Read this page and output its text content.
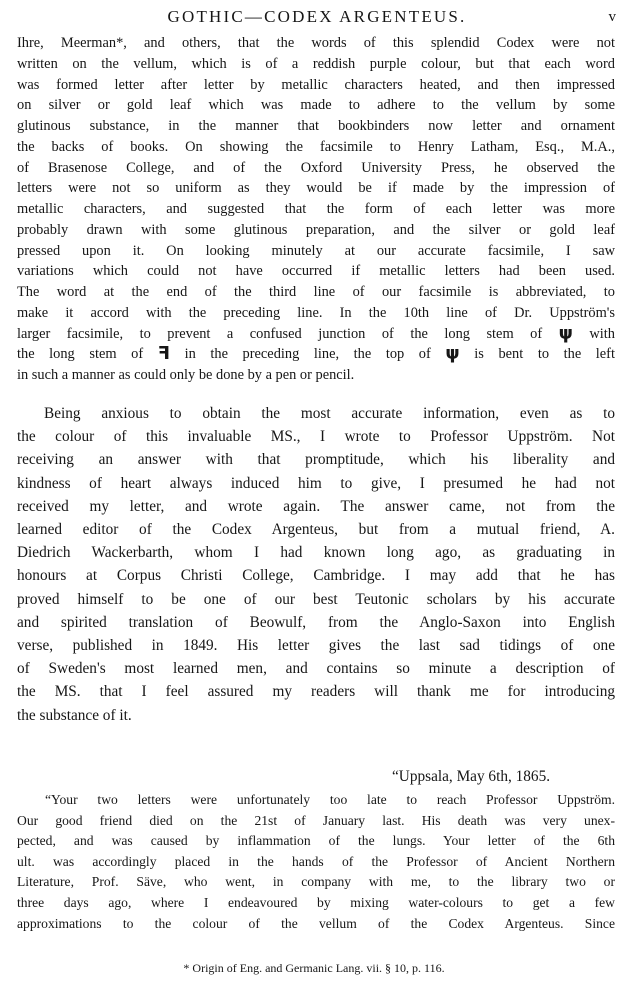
GOTHIC—CODEX ARGENTEUS.	v
Ihre, Meerman*, and others, that the words of this splendid Codex were not
written on the vellum, which is of a reddish purple colour, but that each word
was formed letter after letter by metallic characters heated, and then impressed
on silver or gold leaf which was made to adhere to the vellum by some
glutinous substance, in the manner that bookbinders now letter and ornament
the backs of books. On showing the facsimile to Henry Latham, Esq., M.A.,
of Brasenose College, and of the Oxford University Press, he observed the
letters were not so uniform as they would be if made by the impression of
metallic characters, and suggested that the form of each letter was more
probably drawn with some glutinous preparation, and the silver or gold leaf
pressed upon it. On looking minutely at our accurate facsimile, I saw
variations which could not have occurred if metallic letters had been used.
The word at the end of the third line of our facsimile is abbreviated, to
make it accord with the preceding line. In the 10th line of Dr. Uppström's
larger facsimile, to prevent a confused junction of the long stem of ψ with
the long stem of ꟻ in the preceding line, the top of ψ is bent to the left
in such a manner as could only be done by a pen or pencil.
Being anxious to obtain the most accurate information, even as to
the colour of this invaluable MS., I wrote to Professor Uppström. Not
receiving an answer with that promptitude, which his liberality and
kindness of heart always induced him to give, I presumed he had not
received my letter, and wrote again. The answer came, not from the
learned editor of the Codex Argenteus, but from a mutual friend, A.
Diedrich Wackerbarth, whom I had known long ago, as graduating in
honours at Corpus Christi College, Cambridge. I may add that he has
proved himself to be one of our best Teutonic scholars by his accurate
and spirited translation of Beowulf, from the Anglo-Saxon into English
verse, published in 1849. His letter gives the last sad tidings of one
of Sweden's most learned men, and contains so minute a description of
the MS. that I feel assured my readers will thank me for introducing
the substance of it.
“Uppsala, May 6th, 1865.
“Your two letters were unfortunately too late to reach Professor Uppström.
Our good friend died on the 21st of January last. His death was very unex-
pected, and was caused by inflammation of the lungs. Your letter of the 6th
ult. was accordingly placed in the hands of the Professor of Ancient Northern
Literature, Prof. Säve, who went, in company with me, to the library two or
three days ago, where I endeavoured by mixing water-colours to get a few
approximations to the colour of the vellum of the Codex Argenteus. Since
* Origin of Eng. and Germanic Lang. vii. § 10, p. 116.
